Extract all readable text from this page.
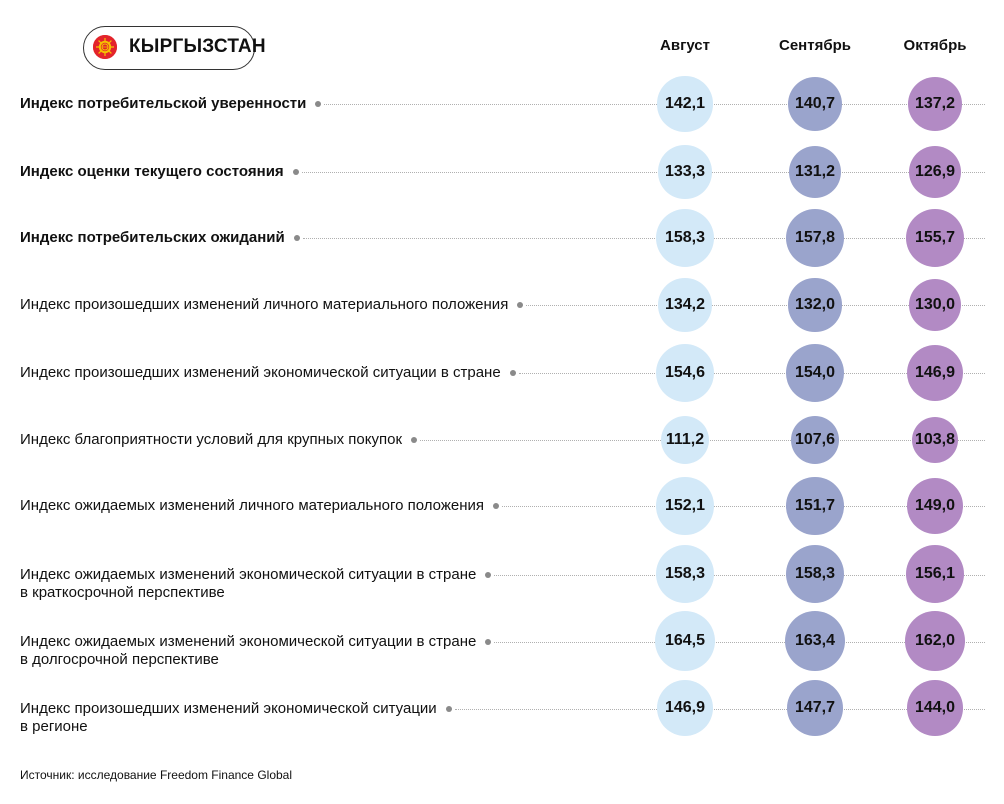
КЫРГЫЗСТАН	Август	Сентябрь	Октябрь
Индекс потребительской уверенности	142,1	140,7	137,2
Индекс оценки текущего состояния	133,3	131,2	126,9
Индекс потребительских ожиданий	158,3	157,8	155,7
Индекс произошедших изменений личного материального положения	134,2	132,0	130,0
Индекс произошедших изменений экономической ситуации в стране	154,6	154,0	146,9
Индекс благоприятности условий для крупных покупок	111,2	107,6	103,8
Индекс ожидаемых изменений личного материального положения	152,1	151,7	149,0
Индекс ожидаемых изменений экономической ситуации в стране
в краткосрочной перспективе
158,3	158,3	156,1
Индекс ожидаемых изменений экономической ситуации в стране
в долгосрочной перспективе
164,5	163,4	162,0
Индекс произошедших изменений экономической ситуации
в регионе
146,9	147,7	144,0
Источник: исследование Freedom Finance Global
